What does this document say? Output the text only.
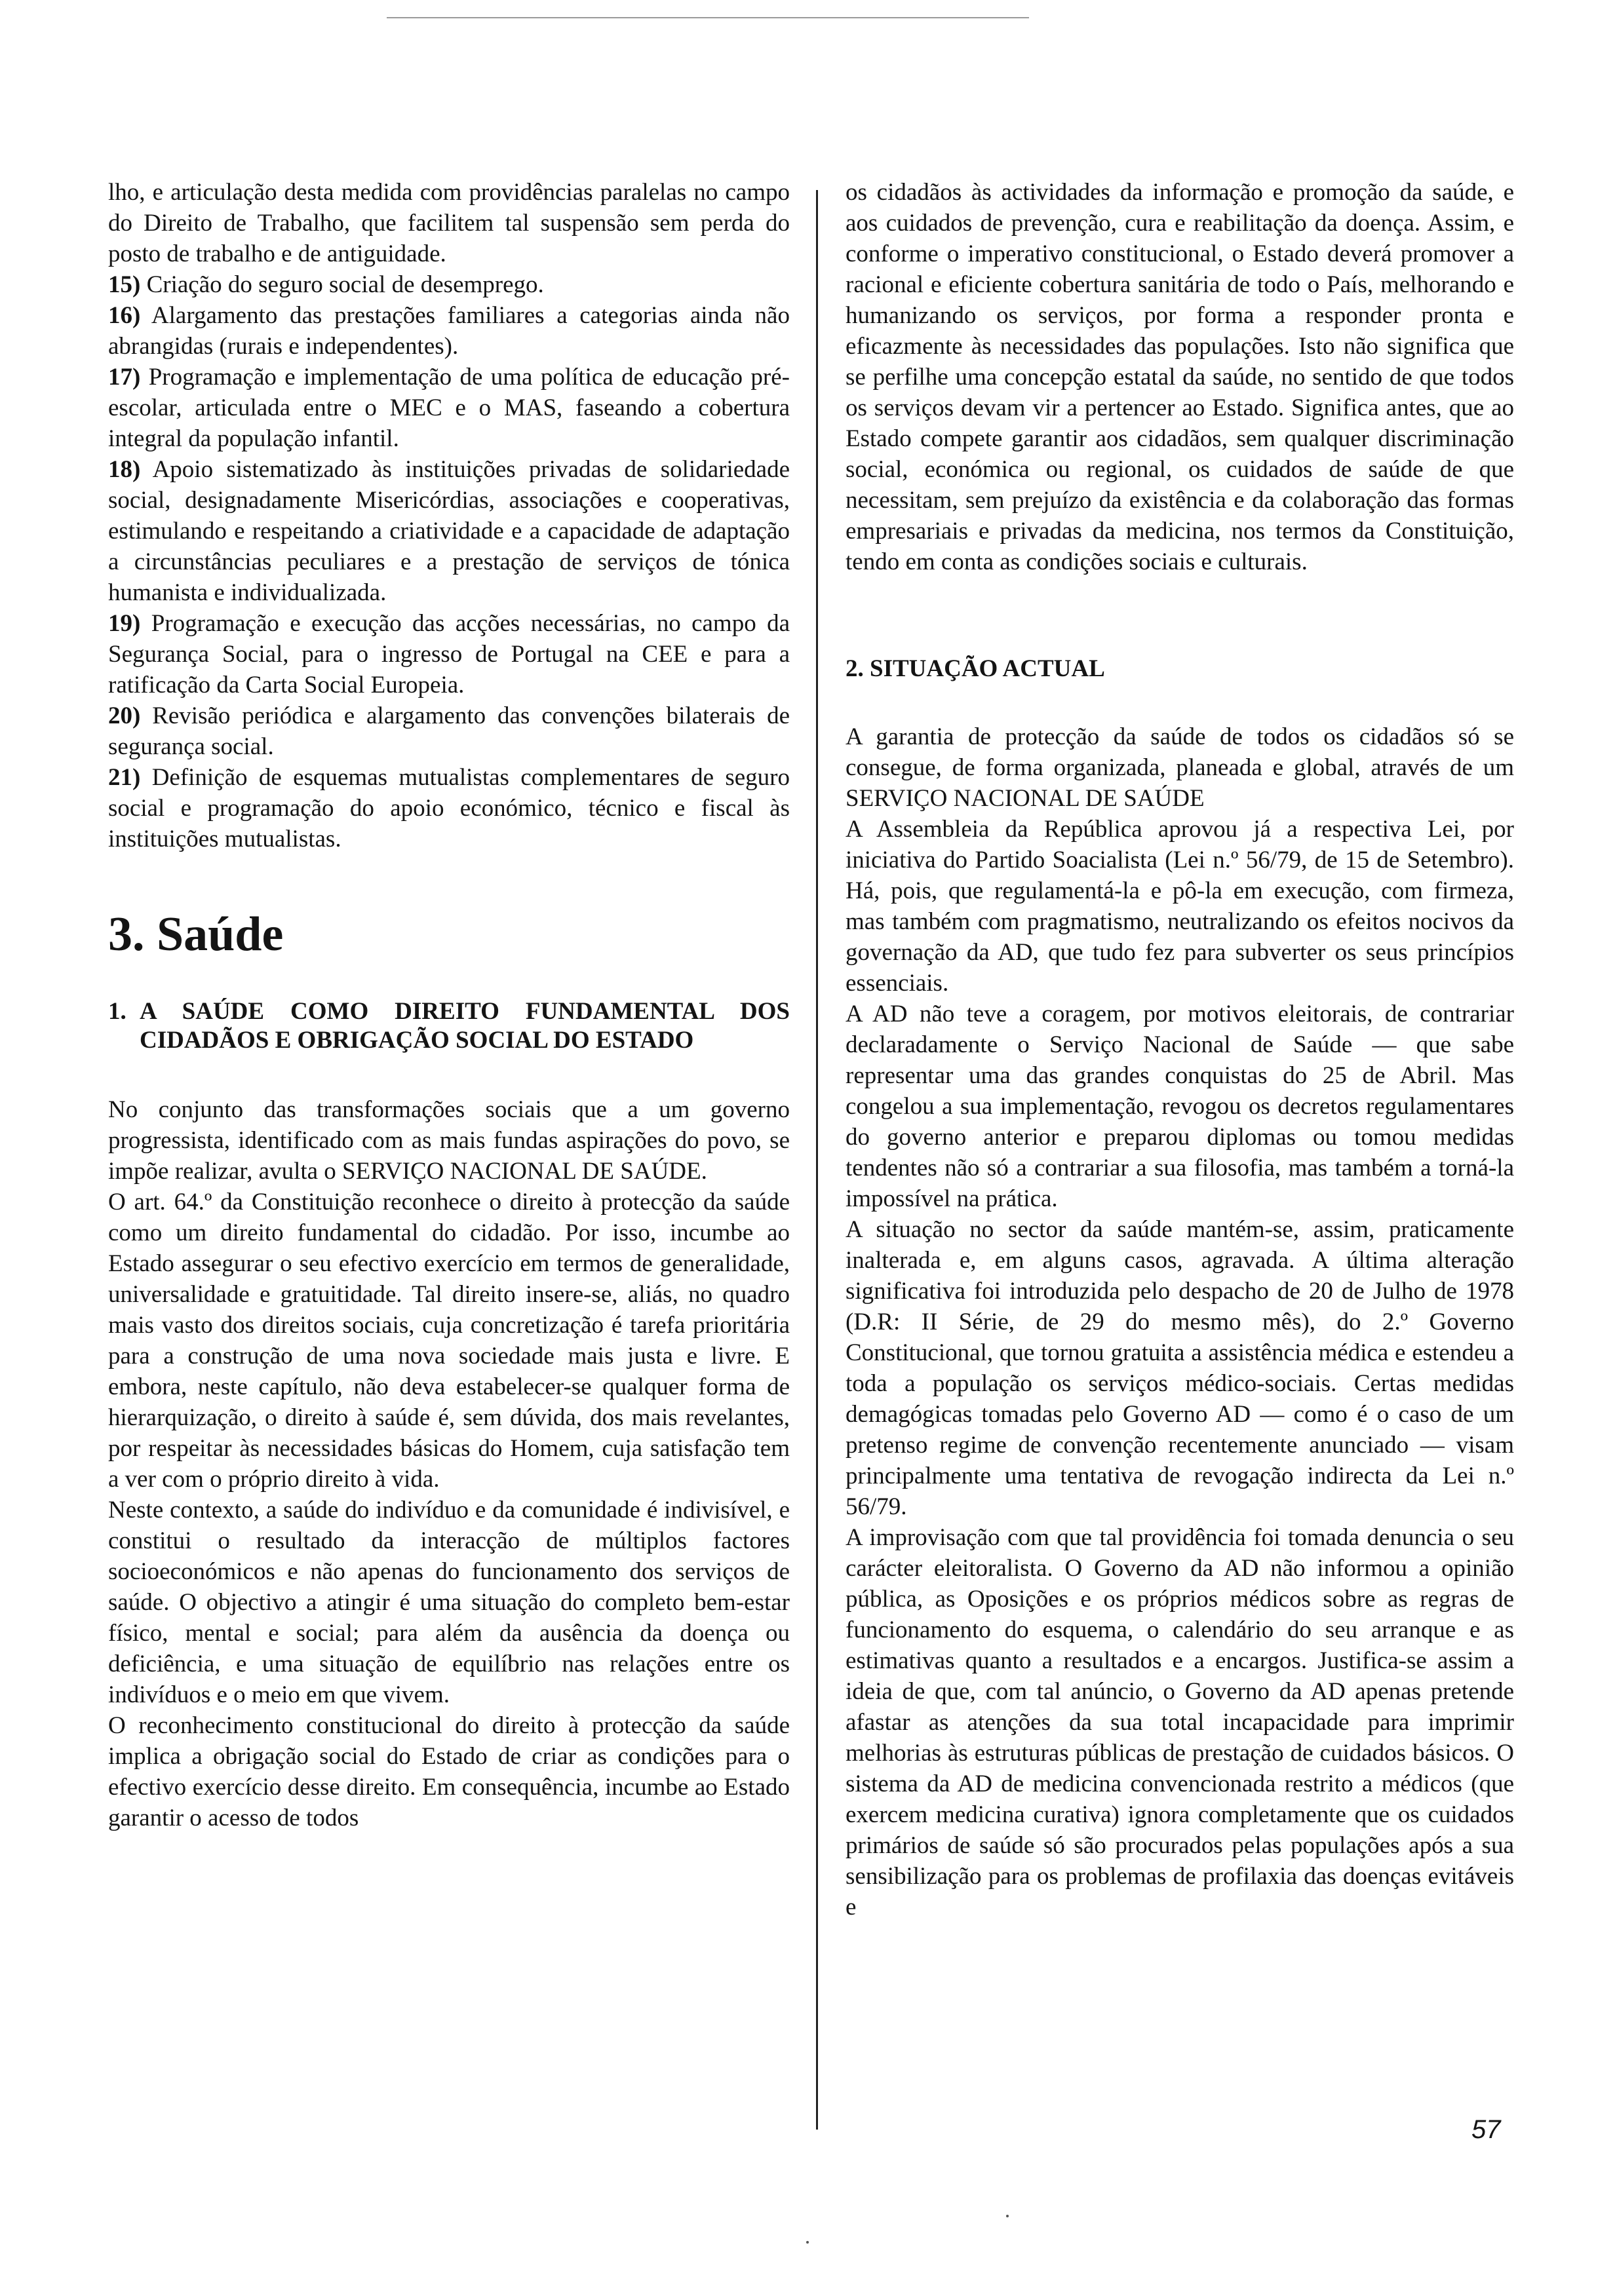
lho, e articulação desta medida com providências paralelas no campo do Direito de Trabalho, que facilitem tal suspensão sem perda do posto de trabalho e de antiguidade.

15) Criação do seguro social de desemprego.

16) Alargamento das prestações familiares a categorias ainda não abrangidas (rurais e independentes).

17) Programação e implementação de uma política de educação pré-escolar, articulada entre o MEC e o MAS, faseando a cobertura integral da população infantil.

18) Apoio sistematizado às instituições privadas de solidariedade social, designadamente Misericórdias, associações e cooperativas, estimulando e respeitando a criatividade e a capacidade de adaptação a circunstâncias peculiares e a prestação de serviços de tónica humanista e individualizada.

19) Programação e execução das acções necessárias, no campo da Segurança Social, para o ingresso de Portugal na CEE e para a ratificação da Carta Social Europeia.

20) Revisão periódica e alargamento das convenções bilaterais de segurança social.

21) Definição de esquemas mutualistas complementares de seguro social e programação do apoio económico, técnico e fiscal às instituições mutualistas.

3. Saúde
1. A SAÚDE COMO DIREITO FUNDAMENTAL DOS CIDADÃOS E OBRIGAÇÃO SOCIAL DO ESTADO

No conjunto das transformações sociais que a um governo progressista, identificado com as mais fundas aspirações do povo, se impõe realizar, avulta o SERVIÇO NACIONAL DE SAÚDE.

O art. 64.º da Constituição reconhece o direito à protecção da saúde como um direito fundamental do cidadão. Por isso, incumbe ao Estado assegurar o seu efectivo exercício em termos de generalidade, universalidade e gratuitidade. Tal direito insere-se, aliás, no quadro mais vasto dos direitos sociais, cuja concretização é tarefa prioritária para a construção de uma nova sociedade mais justa e livre. E embora, neste capítulo, não deva estabelecer-se qualquer forma de hierarquização, o direito à saúde é, sem dúvida, dos mais revelantes, por respeitar às necessidades básicas do Homem, cuja satisfação tem a ver com o próprio direito à vida.

Neste contexto, a saúde do indivíduo e da comunidade é indivisível, e constitui o resultado da interacção de múltiplos factores socioeconómicos e não apenas do funcionamento dos serviços de saúde. O objectivo a atingir é uma situação do completo bem-estar físico, mental e social; para além da ausência da doença ou deficiência, e uma situação de equilíbrio nas relações entre os indivíduos e o meio em que vivem.

O reconhecimento constitucional do direito à protecção da saúde implica a obrigação social do Estado de criar as condições para o efectivo exercício desse direito. Em consequência, incumbe ao Estado garantir o acesso de todos

os cidadãos às actividades da informação e promoção da saúde, e aos cuidados de prevenção, cura e reabilitação da doença. Assim, e conforme o imperativo constitucional, o Estado deverá promover a racional e eficiente cobertura sanitária de todo o País, melhorando e humanizando os serviços, por forma a responder pronta e eficazmente às necessidades das populações. Isto não significa que se perfilhe uma concepção estatal da saúde, no sentido de que todos os serviços devam vir a pertencer ao Estado. Significa antes, que ao Estado compete garantir aos cidadãos, sem qualquer discriminação social, económica ou regional, os cuidados de saúde de que necessitam, sem prejuízo da existência e da colaboração das formas empresariais e privadas da medicina, nos termos da Constituição, tendo em conta as condições sociais e culturais.

2. SITUAÇÃO ACTUAL

A garantia de protecção da saúde de todos os cidadãos só se consegue, de forma organizada, planeada e global, através de um SERVIÇO NACIONAL DE SAÚDE

A Assembleia da República aprovou já a respectiva Lei, por iniciativa do Partido Soacialista (Lei n.º 56/79, de 15 de Setembro). Há, pois, que regulamentá-la e pô-la em execução, com firmeza, mas também com pragmatismo, neutralizando os efeitos nocivos da governação da AD, que tudo fez para subverter os seus princípios essenciais.

A AD não teve a coragem, por motivos eleitorais, de contrariar declaradamente o Serviço Nacional de Saúde — que sabe representar uma das grandes conquistas do 25 de Abril. Mas congelou a sua implementação, revogou os decretos regulamentares do governo anterior e preparou diplomas ou tomou medidas tendentes não só a contrariar a sua filosofia, mas também a torná-la impossível na prática.

A situação no sector da saúde mantém-se, assim, praticamente inalterada e, em alguns casos, agravada. A última alteração significativa foi introduzida pelo despacho de 20 de Julho de 1978 (D.R: II Série, de 29 do mesmo mês), do 2.º Governo Constitucional, que tornou gratuita a assistência médica e estendeu a toda a população os serviços médico-sociais. Certas medidas demagógicas tomadas pelo Governo AD — como é o caso de um pretenso regime de convenção recentemente anunciado — visam principalmente uma tentativa de revogação indirecta da Lei n.º 56/79.

A improvisação com que tal providência foi tomada denuncia o seu carácter eleitoralista. O Governo da AD não informou a opinião pública, as Oposições e os próprios médicos sobre as regras de funcionamento do esquema, o calendário do seu arranque e as estimativas quanto a resultados e a encargos. Justifica-se assim a ideia de que, com tal anúncio, o Governo da AD apenas pretende afastar as atenções da sua total incapacidade para imprimir melhorias às estruturas públicas de prestação de cuidados básicos. O sistema da AD de medicina convencionada restrito a médicos (que exercem medicina curativa) ignora completamente que os cuidados primários de saúde só são procurados pelas populações após a sua sensibilização para os problemas de profilaxia das doenças evitáveis e

57
